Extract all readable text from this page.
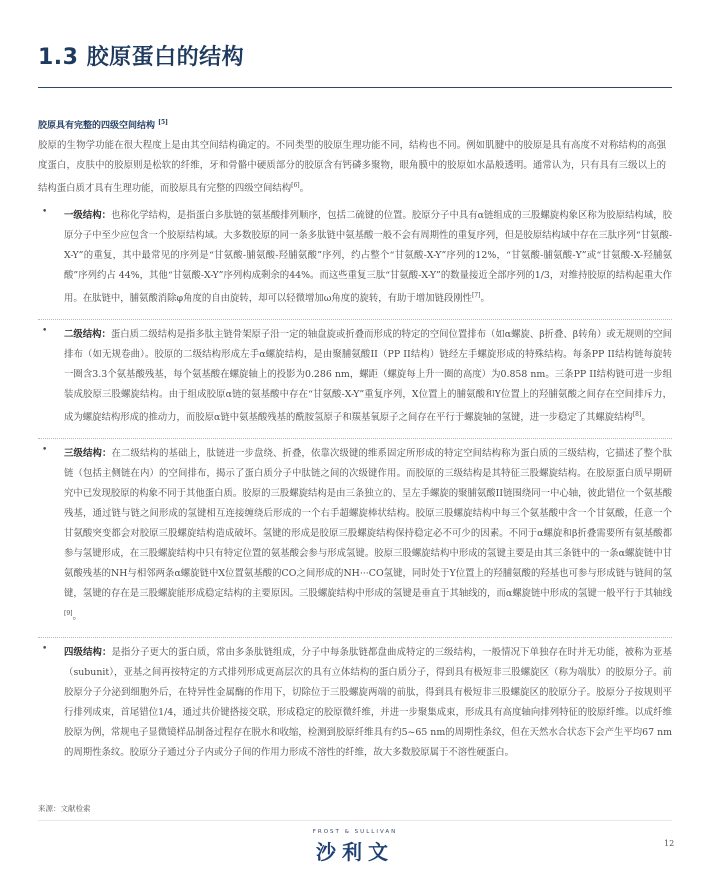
1.3 胶原蛋白的结构
胶原具有完整的四级空间结构 [5]

胶原的生物学功能在很大程度上是由其空间结构确定的。不同类型的胶原生理功能不同，结构也不同。例如肌腱中的胶原是具有高度不对称结构的高强度蛋白，皮肤中的胶原则是松软的纤维，牙和骨骼中硬质部分的胶原含有钙磷多聚物，眼角膜中的胶原如水晶般透明。通常认为，只有具有三级以上的结构蛋白质才具有生理功能，而胶原具有完整的四级空间结构[6]。

• 一级结构：也称化学结构，是指蛋白多肽链的氨基酸排列顺序，包括二硫键的位置。胶原分子中具有α链组成的三股螺旋构象区称为胶原结构域，胶原分子中至少应包含一个胶原结构域。大多数胶原的同一条多肽链中氨基酸一般不会有周期性的重复序列，但是胶原结构域中存在三肽序列“甘氨酸-X-Y”的重复，其中最常见的序列是“甘氨酸-脯氨酸-羟脯氨酸”序列，约占整个“甘氨酸-X-Y”序列的12%，“甘氨酸-脯氨酸-Y”或“甘氨酸-X-羟脯氨酸”序列约占 44%，其他“甘氨酸-X-Y”序列构成剩余的44%。而这些重复三肽“甘氨酸-X-Y”的数量接近全部序列的1/3，对维持胶原的结构起重大作用。在肽链中，脯氨酸消除φ角度的自由旋转，却可以轻微增加ω角度的旋转，有助于增加链段刚性[7]。

• 二级结构：蛋白质二级结构是指多肽主链骨架原子沿一定的轴盘旋或折叠而形成的特定的空间位置排布（如α螺旋、β折叠、β转角）或无规则的空间排布（如无规卷曲）。胶原的二级结构形成左手α螺旋结构，是由聚脯氨酸II（PP II结构）链经左手螺旋形成的特殊结构。每条PP II结构链每旋转一圈含3.3个氨基酸残基，每个氨基酸在螺旋轴上的投影为0.286 nm，螺距（螺旋每上升一圈的高度）为0.858 nm。三条PP II结构链可进一步组装成胶原三股螺旋结构。由于组成胶原α链的氨基酸中存在“甘氨酸-X-Y”重复序列，X位置上的脯氨酸和Y位置上的羟脯氨酸之间存在空间排斥力，成为螺旋结构形成的推动力，而胶原α链中氨基酸残基的酰胺氢原子和羰基氧原子之间存在平行于螺旋轴的氢键，进一步稳定了其螺旋结构[8]。

• 三级结构：在二级结构的基础上，肽链进一步盘绕、折叠，依靠次级键的维系固定所形成的特定空间结构称为蛋白质的三级结构，它描述了整个肽链（包括主侧链在内）的空间排布，揭示了蛋白质分子中肽链之间的次级键作用。而胶原的三级结构是其特征三股螺旋结构。在胶原蛋白质早期研究中已发现胶原的构象不同于其他蛋白质。胶原的三股螺旋结构是由三条独立的、呈左手螺旋的聚脯氨酸II链围绕同一中心轴，彼此错位一个氨基酸残基，通过链与链之间形成的氢键相互连接缠绕后形成的一个右手超螺旋棒状结构。胶原三股螺旋结构中每三个氨基酸中含一个甘氨酸，任意一个甘氨酸突变都会对胶原三股螺旋结构造成破坏。氢键的形成是胶原三股螺旋结构保持稳定必不可少的因素。不同于α螺旋和β折叠需要所有氨基酸都参与氢键形成，在三股螺旋结构中只有特定位置的氨基酸会参与形成氢键。胶原三股螺旋结构中形成的氢键主要是由其三条链中的一条α螺旋链中甘氨酸残基的NH与相邻两条α螺旋链中X位置氨基酸的CO之间形成的NH···CO氢键，同时处于Y位置上的羟脯氨酸的羟基也可参与形成链与链间的氢键，氢键的存在是三股螺旋能形成稳定结构的主要原因。三股螺旋结构中形成的氢键是垂直于其轴线的，而α螺旋链中形成的氢键一般平行于其轴线[9]。

• 四级结构：是指分子更大的蛋白质，常由多条肽链组成，分子中每条肽链都盘曲成特定的三级结构，一般情况下单独存在时并无功能，被称为亚基（subunit），亚基之间再按特定的方式排列形成更高层次的具有立体结构的蛋白质分子，得到具有极短非三股螺旋区（称为端肽）的胶原分子。前胶原分子分泌到细胞外后，在特异性金属酶的作用下，切除位于三股螺旋两端的前肽，得到具有极短非三股螺旋区的胶原分子。胶原分子按规则平行排列成束，首尾错位1/4，通过共价键搭接交联，形成稳定的胶原微纤维，并进一步聚集成束，形成具有高度轴向排列特征的胶原纤维。以成纤维胶原为例，常规电子显微镜样品制备过程存在脱水和收缩，检测到胶原纤维具有约5~65 nm的周期性条纹，但在天然水合状态下会产生平均67 nm的周期性条纹。胶原分子通过分子内或分子间的作用力形成不溶性的纤维，故大多数胶原属于不溶性硬蛋白。

来源：文献检索
FROST & SULLIVAN
沙利文	12
